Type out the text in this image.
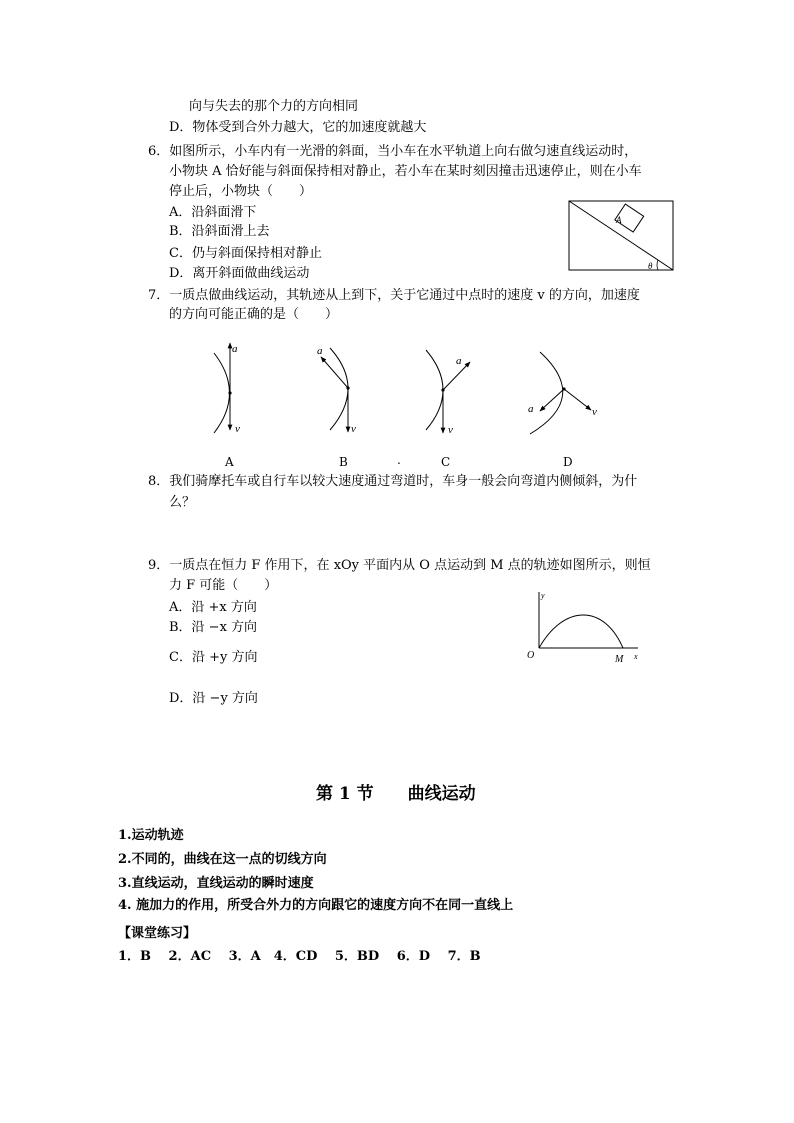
向与失去的那个力的方向相同
D．物体受到合外力越大，它的加速度就越大
6．如图所示，小车内有一光滑的斜面，当小车在水平轨道上向右做匀速直线运动时，
小物块 A 恰好能与斜面保持相对静止，若小车在某时刻因撞击迅速停止，则在小车
停止后，小物块（　　）
A．沿斜面滑下
B．沿斜面滑上去
C．仍与斜面保持相对静止
D．离开斜面做曲线运动
A
θ
7．一质点做曲线运动，其轨迹从上到下，关于它通过中点时的速度 v 的方向，加速度
的方向可能正确的是（　　）
a
v
a
v
a
v
a	v
A	B	.	C	D
8．我们骑摩托车或自行车以较大速度通过弯道时，车身一般会向弯道内侧倾斜，为什
么？
9．一质点在恒力 F 作用下，在 xOy 平面内从 O 点运动到 M 点的轨迹如图所示，则恒
力 F 可能（　　）
A．沿 +x 方向
B．沿 −x 方向
C．沿 +y 方向
D．沿 −y 方向
y
x
O	M
第 1 节　　曲线运动
1.运动轨迹
2.不同的，曲线在这一点的切线方向
3.直线运动，直线运动的瞬时速度
4. 施加力的作用，所受合外力的方向跟它的速度方向不在同一直线上
【课堂练习】
1．B　 2．AC　 3．A　4．CD　 5．BD　 6．D　 7．B
